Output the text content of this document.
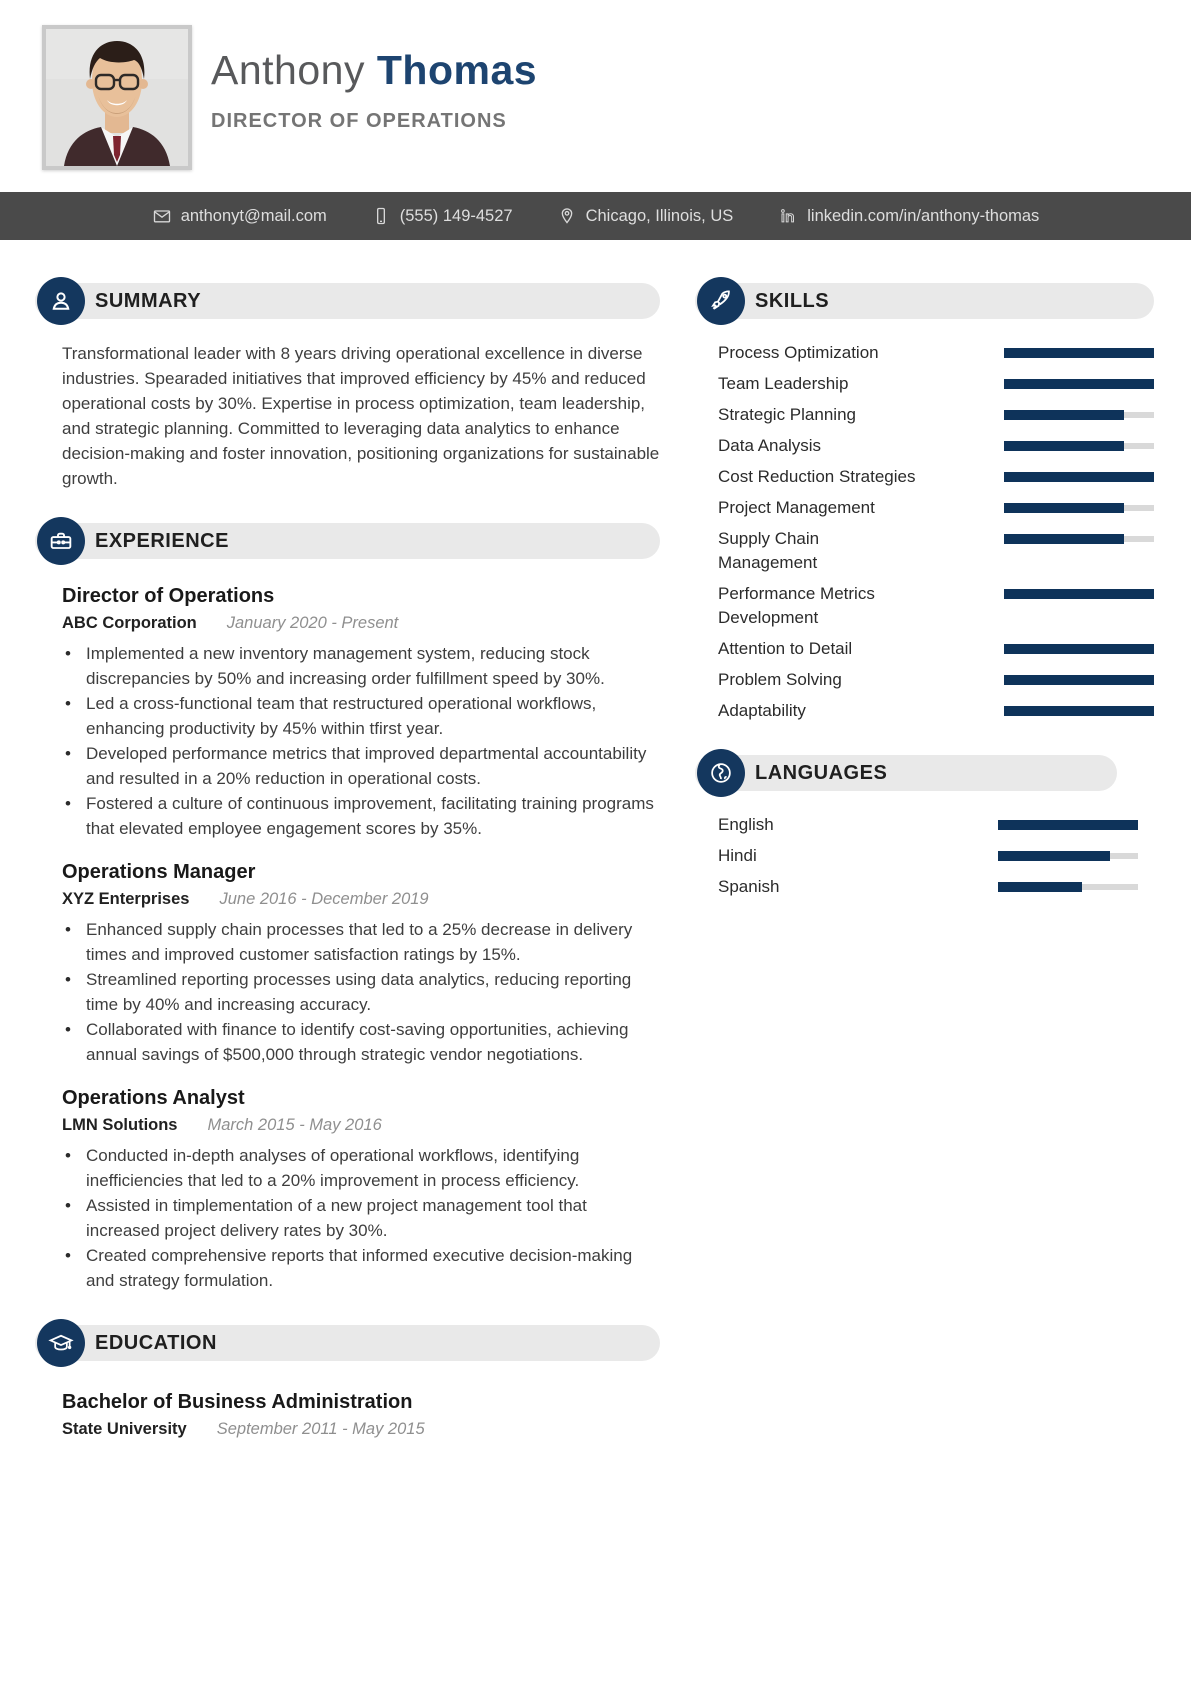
Anthony Thomas
DIRECTOR OF OPERATIONS
anthonyt@mail.com	(555) 149-4527	Chicago, Illinois, US	linkedin.com/in/anthony-thomas
SUMMARY

Transformational leader with 8 years driving operational excellence in diverse industries. Spearaded initiatives that improved efficiency by 45% and reduced operational costs by 30%. Expertise in process optimization, team leadership, and strategic planning. Committed to leveraging data analytics to enhance decision-making and foster innovation, positioning organizations for sustainable growth.

EXPERIENCE
Director of Operations
ABC Corporation January 2020 - Present
• Implemented a new inventory management system, reducing stock discrepancies by 50% and increasing order fulfillment speed by 30%.
• Led a cross-functional team that restructured operational workflows, enhancing productivity by 45% within tfirst year.
• Developed performance metrics that improved departmental accountability and resulted in a 20% reduction in operational costs.
• Fostered a culture of continuous improvement, facilitating training programs that elevated employee engagement scores by 35%.
Operations Manager
XYZ Enterprises June 2016 - December 2019
• Enhanced supply chain processes that led to a 25% decrease in delivery times and improved customer satisfaction ratings by 15%.
• Streamlined reporting processes using data analytics, reducing reporting time by 40% and increasing accuracy.
• Collaborated with finance to identify cost-saving opportunities, achieving annual savings of $500,000 through strategic vendor negotiations.
Operations Analyst
LMN Solutions March 2015 - May 2016
• Conducted in-depth analyses of operational workflows, identifying inefficiencies that led to a 20% improvement in process efficiency.
• Assisted in timplementation of a new project management tool that increased project delivery rates by 30%.
• Created comprehensive reports that informed executive decision-making and strategy formulation.
EDUCATION
Bachelor of Business Administration
State University September 2011 - May 2015
SKILLS
Process Optimization
Team Leadership
Strategic Planning
Data Analysis
Cost Reduction Strategies
Project Management
Supply Chain Management
Performance Metrics Development
Attention to Detail
Problem Solving
Adaptability
LANGUAGES
English
Hindi
Spanish
